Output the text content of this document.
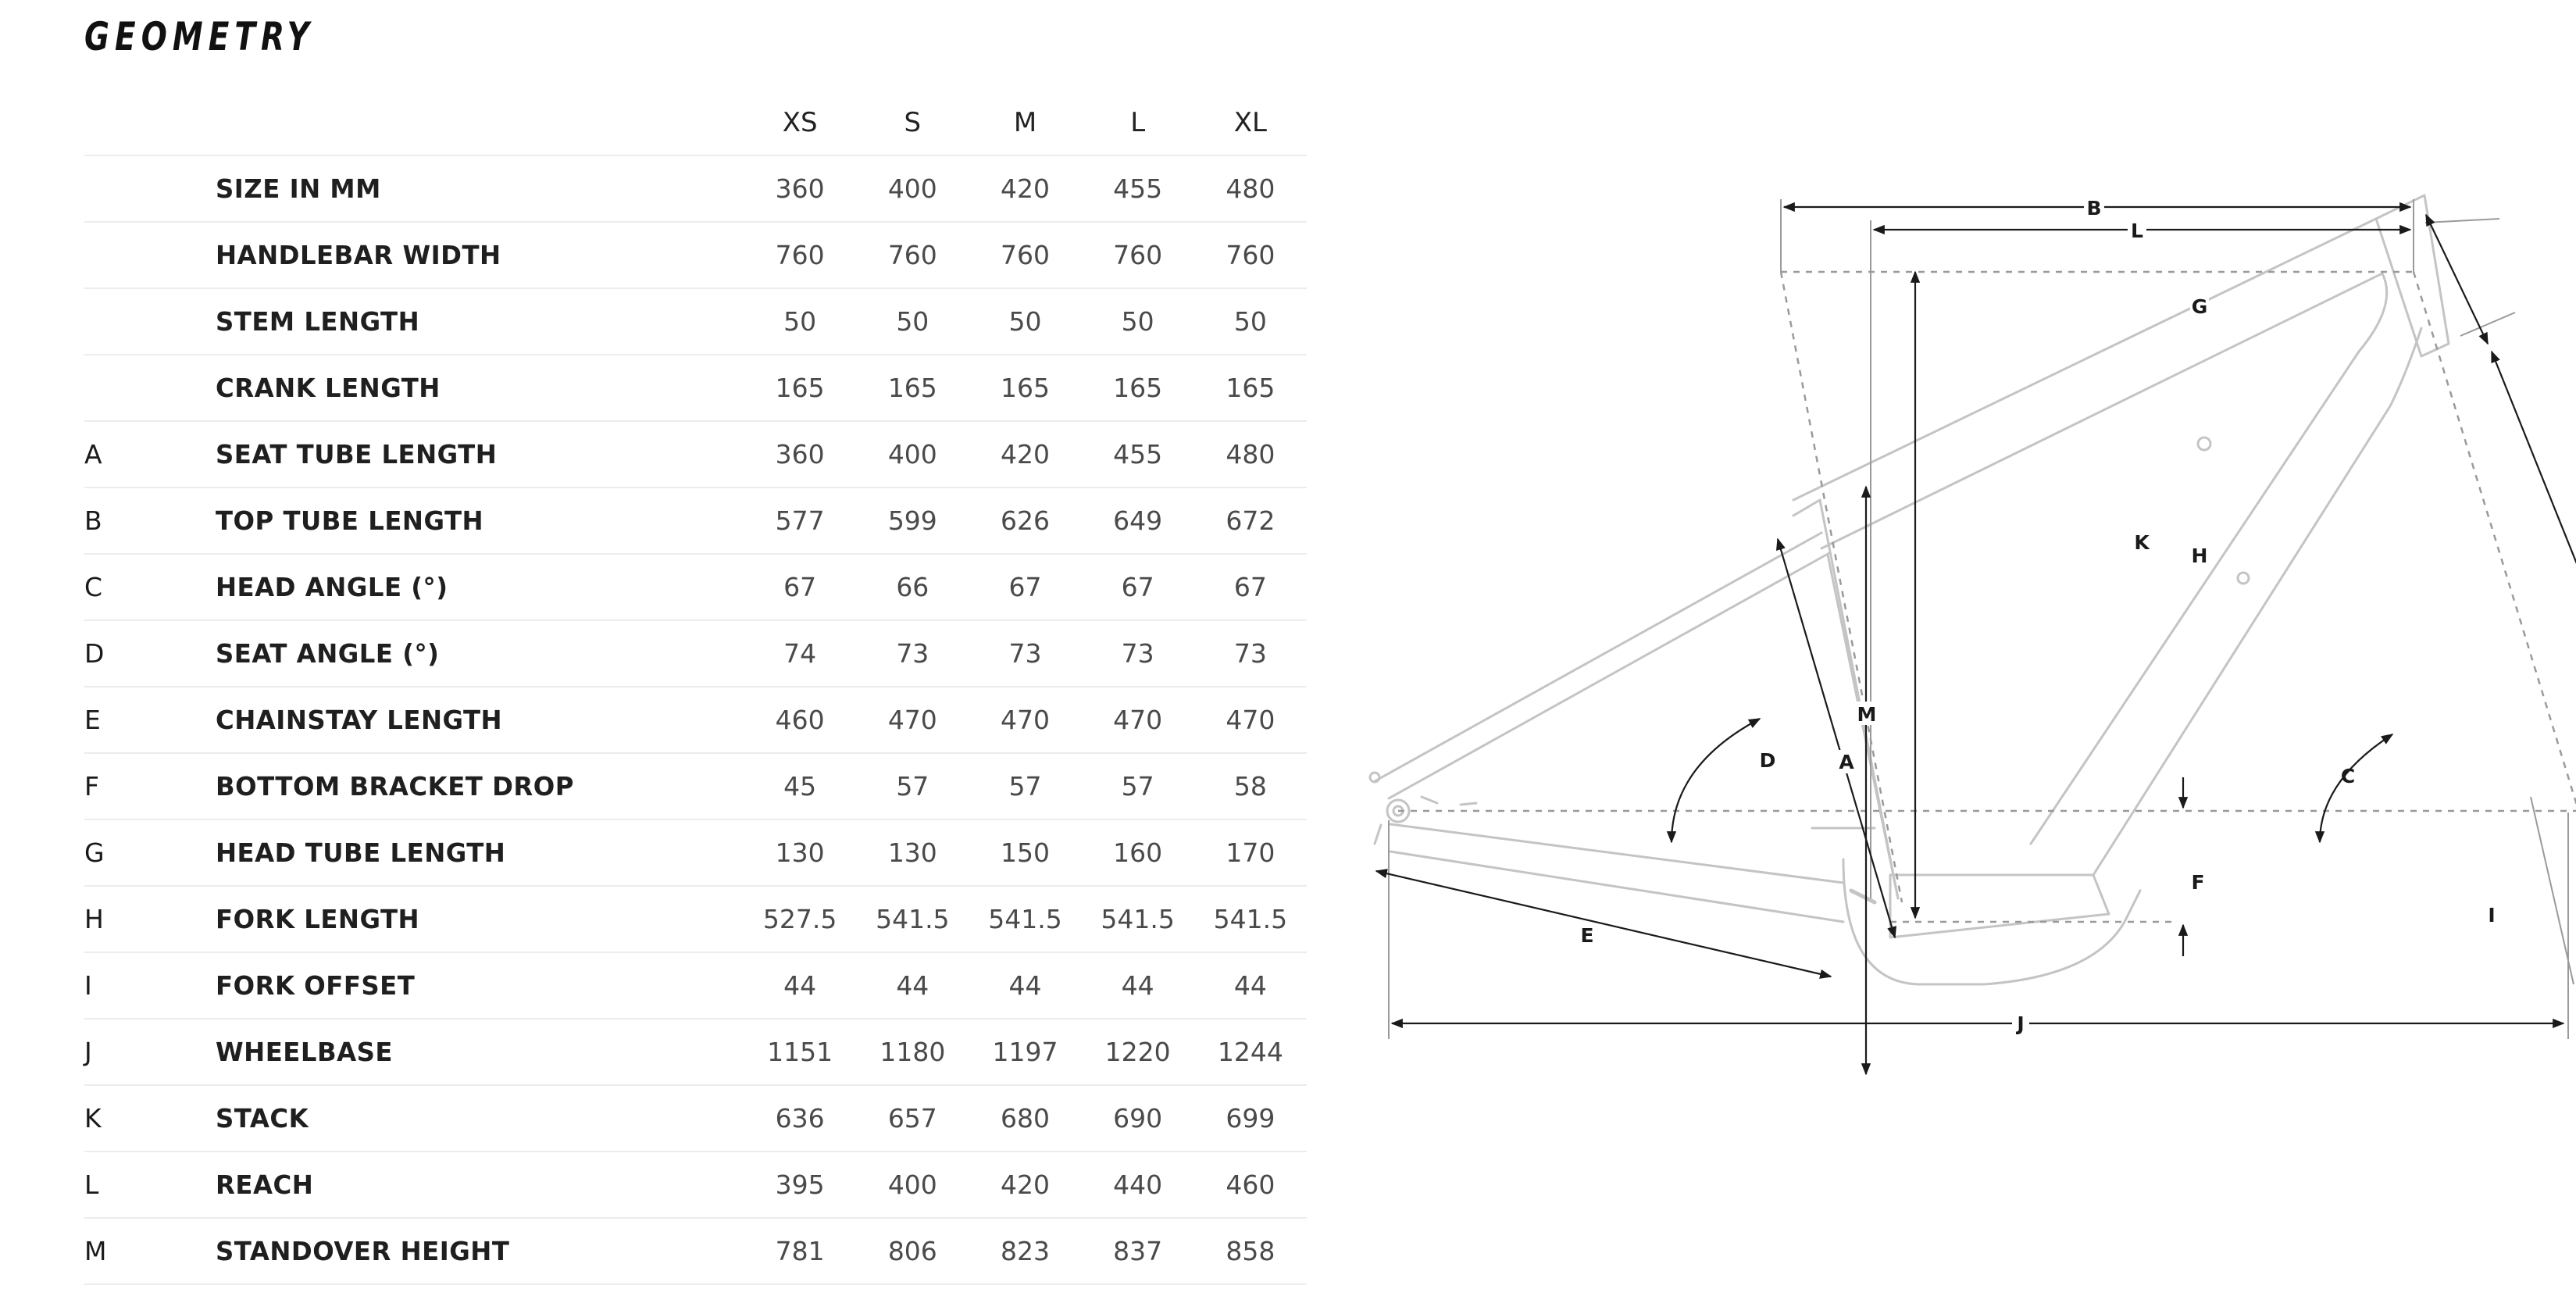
GEOMETRY
		XS	S	M	L	XL
	SIZE IN MM	360	400	420	455	480
	HANDLEBAR WIDTH	760	760	760	760	760
	STEM LENGTH	50	50	50	50	50
	CRANK LENGTH	165	165	165	165	165
A	SEAT TUBE LENGTH	360	400	420	455	480
B	TOP TUBE LENGTH	577	599	626	649	672
C	HEAD ANGLE (°)	67	66	67	67	67
D	SEAT ANGLE (°)	74	73	73	73	73
E	CHAINSTAY LENGTH	460	470	470	470	470
F	BOTTOM BRACKET DROP	45	57	57	57	58
G	HEAD TUBE LENGTH	130	130	150	160	170
H	FORK LENGTH	527.5	541.5	541.5	541.5	541.5
I	FORK OFFSET	44	44	44	44	44
J	WHEELBASE	1151	1180	1197	1220	1244
K	STACK	636	657	680	690	699
L	REACH	395	400	420	440	460
M	STANDOVER HEIGHT	781	806	823	837	858
B
L
K
M
A
D
E
J
G
H
C
F
I
